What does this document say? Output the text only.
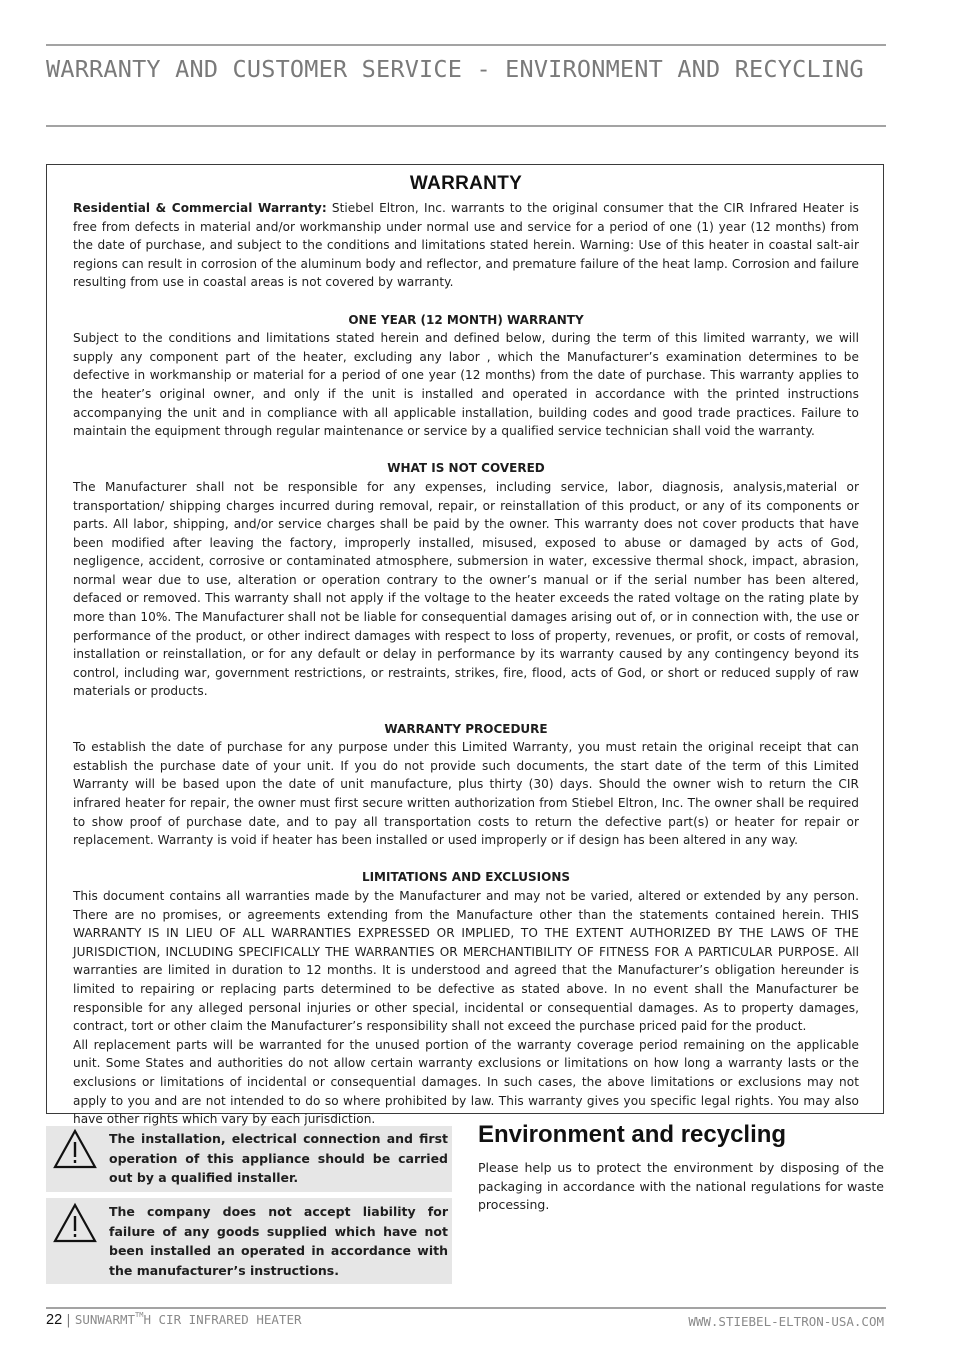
WARRANTY AND CUSTOMER SERVICE - ENVIRONMENT AND RECYCLING
WARRANTY

Residential & Commercial Warranty: Stiebel Eltron, Inc. warrants to the original consumer that the CIR Infrared Heater is free from defects in material and/or workmanship under normal use and service for a period of one (1) year (12 months) from the date of purchase, and subject to the conditions and limitations stated herein. Warning: Use of this heater in coastal salt-air regions can result in corrosion of the aluminum body and reflector, and premature failure of the heat lamp. Corrosion and failure resulting from use in coastal areas is not covered by warranty.

ONE YEAR (12 MONTH) WARRANTY

Subject to the conditions and limitations stated herein and defined below, during the term of this limited warranty, we will supply any component part of the heater, excluding any labor , which the Manufacturer’s examination determines to be defective in workmanship or material for a period of one year (12 months) from the date of purchase. This warranty applies to the heater’s original owner, and only if the unit is installed and operated in accordance with the printed instructions accompanying the unit and in compliance with all applicable installation, building codes and good trade practices. Failure to maintain the equipment through regular maintenance or service by a qualified service technician shall void the warranty.

WHAT IS NOT COVERED

The Manufacturer shall not be responsible for any expenses, including service, labor, diagnosis, analysis,material or transportation/ shipping charges incurred during removal, repair, or reinstallation of this product, or any of its components or parts. All labor, shipping, and/or service charges shall be paid by the owner. This warranty does not cover products that have been modified after leaving the factory, improperly installed, misused, exposed to abuse or damaged by acts of God, negligence, accident, corrosive or contaminated atmosphere, submersion in water, excessive thermal shock, impact, abrasion, normal wear due to use, alteration or operation contrary to the owner’s manual or if the serial number has been altered, defaced or removed. This warranty shall not apply if the voltage to the heater exceeds the rated voltage on the rating plate by more than 10%. The Manufacturer shall not be liable for consequential damages arising out of, or in connection with, the use or performance of the product, or other indirect damages with respect to loss of property, revenues, or profit, or costs of removal, installation or reinstallation, or for any default or delay in performance by its warranty caused by any contingency beyond its control, including war, government restrictions, or restraints, strikes, fire, flood, acts of God, or short or reduced supply of raw materials or products.

WARRANTY PROCEDURE

To establish the date of purchase for any purpose under this Limited Warranty, you must retain the original receipt that can establish the purchase date of your unit. If you do not provide such documents, the start date of the term of this Limited Warranty will be based upon the date of unit manufacture, plus thirty (30) days. Should the owner wish to return the CIR infrared heater for repair, the owner must first secure written authorization from Stiebel Eltron, Inc. The owner shall be required to show proof of purchase date, and to pay all transportation costs to return the defective part(s) or heater for repair or replacement. Warranty is void if heater has been installed or used improperly or if design has been altered in any way.

LIMITATIONS AND EXCLUSIONS

This document contains all warranties made by the Manufacturer and may not be varied, altered or extended by any person. There are no promises, or agreements extending from the Manufacture other than the statements contained herein. THIS WARRANTY IS IN LIEU OF ALL WARRANTIES EXPRESSED OR IMPLIED, TO THE EXTENT AUTHORIZED BY THE LAWS OF THE JURISDICTION, INCLUDING SPECIFICALLY THE WARRANTIES OR MERCHANTIBILITY OF FITNESS FOR A PARTICULAR PURPOSE. All warranties are limited in duration to 12 months. It is understood and agreed that the Manufacturer’s obligation hereunder is limited to repairing or replacing parts determined to be defective as stated above. In no event shall the Manufacturer be responsible for any alleged personal injuries or other special, incidental or consequential damages. As to property damages, contract, tort or other claim the Manufacturer’s responsibility shall not exceed the purchase priced paid for the product.

All replacement parts will be warranted for the unused portion of the warranty coverage period remaining on the applicable unit. Some States and authorities do not allow certain warranty exclusions or limitations on how long a warranty lasts or the exclusions or limitations of incidental or consequential damages. In such cases, the above limitations or exclusions may not apply to you and are not intended to do so where prohibited by law. This warranty gives you specific legal rights. You may also have other rights which vary by each jurisdiction.

The installation, electrical connection and first operation of this appliance should be carried out by a qualified installer.

The company does not accept liability for failure of any goods supplied which have not been installed an operated in accordance with the manufacturer’s instructions.

Environment and recycling

Please help us to protect the environment by disposing of the packaging in accordance with the national regulations for waste processing.

22 | SUNWARMT™H CIR INFRARED HEATER	WWW.STIEBEL-ELTRON-USA.COM
